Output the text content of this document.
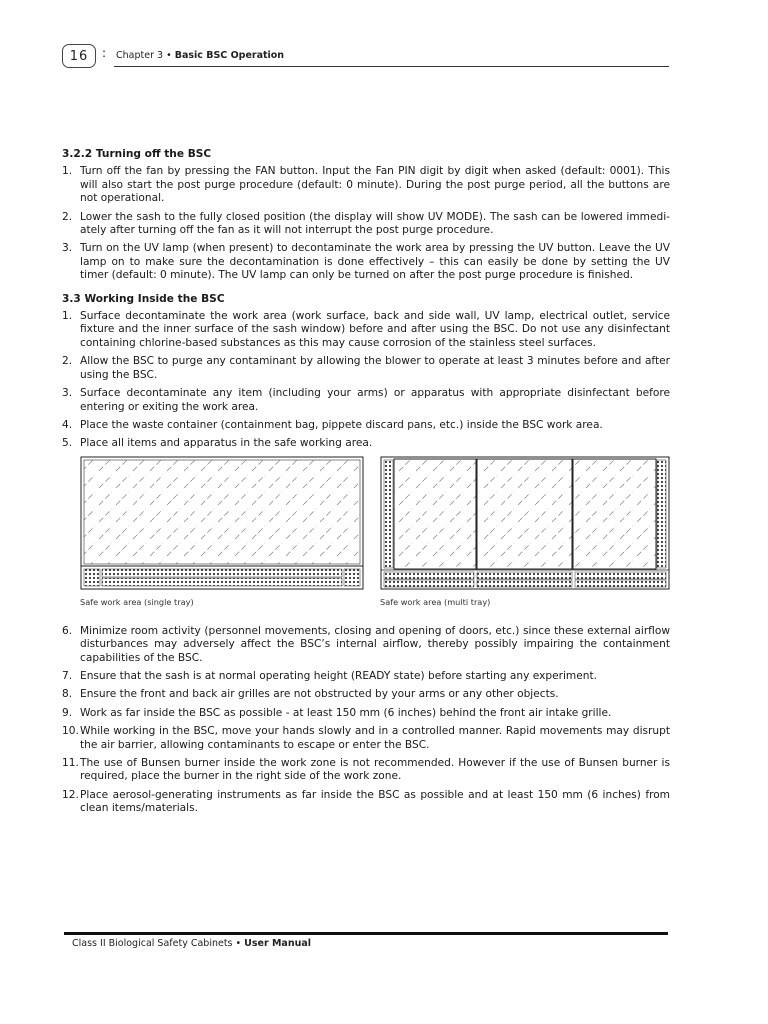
16	: Chapter 3 • Basic BSC Operation
3.2.2 Turning off the BSC
1. Turn off the fan by pressing the FAN button. Input the Fan PIN digit by digit when asked (default: 0001). This will also start the post purge procedure (default: 0 minute). During the post purge period, all the buttons are not operational.
2. Lower the sash to the fully closed position (the display will show UV MODE). The sash can be lowered immedi-ately after turning off the fan as it will not interrupt the post purge procedure.
3. Turn on the UV lamp (when present) to decontaminate the work area by pressing the UV button. Leave the UV lamp on to make sure the decontamination is done effectively – this can easily be done by setting the UV timer (default: 0 minute). The UV lamp can only be turned on after the post purge procedure is finished.
3.3 Working Inside the BSC
1. Surface decontaminate the work area (work surface, back and side wall, UV lamp, electrical outlet, service fixture and the inner surface of the sash window) before and after using the BSC. Do not use any disinfectant containing chlorine-based substances as this may cause corrosion of the stainless steel surfaces.
2. Allow the BSC to purge any contaminant by allowing the blower to operate at least 3 minutes before and after using the BSC.
3. Surface decontaminate any item (including your arms) or apparatus with appropriate disinfectant before entering or exiting the work area.
4. Place the waste container (containment bag, pippete discard pans, etc.) inside the BSC work area.
5. Place all items and apparatus in the safe working area.
Safe work area (single tray)	Safe work area (multi tray)
6. Minimize room activity (personnel movements, closing and opening of doors, etc.) since these external airflow disturbances may adversely affect the BSC’s internal airflow, thereby possibly impairing the containment capabilities of the BSC.
7. Ensure that the sash is at normal operating height (READY state) before starting any experiment.
8. Ensure the front and back air grilles are not obstructed by your arms or any other objects.
9. Work as far inside the BSC as possible - at least 150 mm (6 inches) behind the front air intake grille.
10. While working in the BSC, move your hands slowly and in a controlled manner. Rapid movements may disrupt the air barrier, allowing contaminants to escape or enter the BSC.
11. The use of Bunsen burner inside the work zone is not recommended. However if the use of Bunsen burner is required, place the burner in the right side of the work zone.
12. Place aerosol-generating instruments as far inside the BSC as possible and at least 150 mm (6 inches) from clean items/materials.
Class II Biological Safety Cabinets • User Manual
